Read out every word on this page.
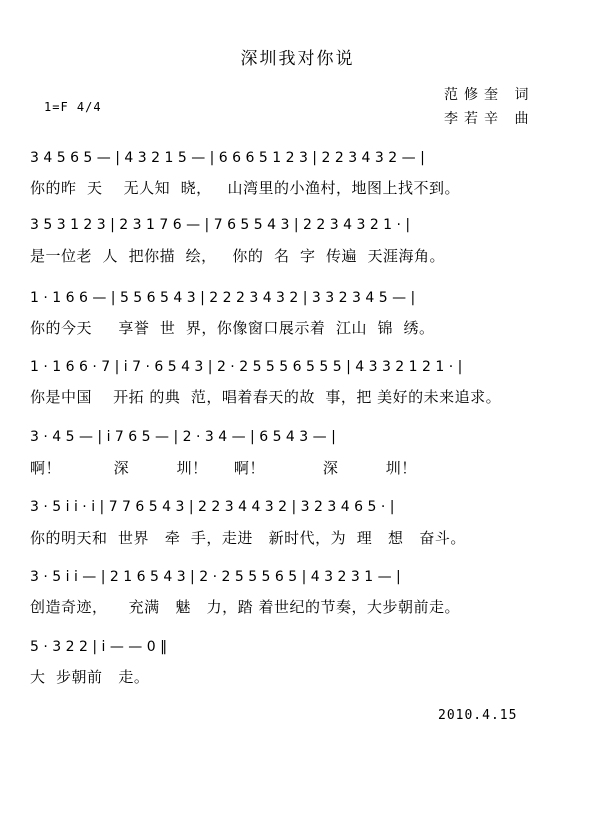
深圳我对你说
1=F 4/4
范修奎 词
李若辛 曲
3 4 5 6 5 — | 4 3 2 1 5 — | 6 6 6 5 1 2 3 | 2 2 3 4 3 2 — |
你的昨  天    无人知  晓，   山湾里的小渔村，地图上找不到。
3 5 3 1 2 3 | 2 3 1 7 6 — | 7 6 5 5 4 3 | 2 2 3 4 3 2 1 · |
是一位老  人  把你描  绘，   你的  名  字  传遍  天涯海角。
1 · 1 6 6 — | 5 5 6 5 4 3 | 2 2 2 3 4 3 2 | 3 3 2 3 4 5 — |
你的今天     享誉  世  界，你像窗口展示着  江山  锦  绣。
1 · 1 6 6 · 7 | i 7 · 6 5 4 3 | 2 · 2 5 5 5 6 5 5 5 | 4 3 3 2 1 2 1 · |
你是中国    开拓 的典  范，唱着春天的故  事，把 美好的未来追求。
3 · 4 5 — | i 7 6 5 — | 2 · 3 4 — | 6 5 4 3 — |
啊！          深         圳！     啊！           深         圳！
3 · 5 i i · i | 7 7 6 5 4 3 | 2 2 3 4 4 3 2 | 3 2 3 4 6 5 · |
你的明天和  世界   牵  手，走进   新时代，为  理   想   奋斗。
3 · 5 i i — | 2 1 6 5 4 3 | 2 · 2 5 5 5 6 5 | 4 3 2 3 1 — |
创造奇迹，    充满   魅   力，踏 着世纪的节奏，大步朝前走。
5 · 3 2 2 | i — — 0 ‖
大  步朝前   走。
2010.4.15
